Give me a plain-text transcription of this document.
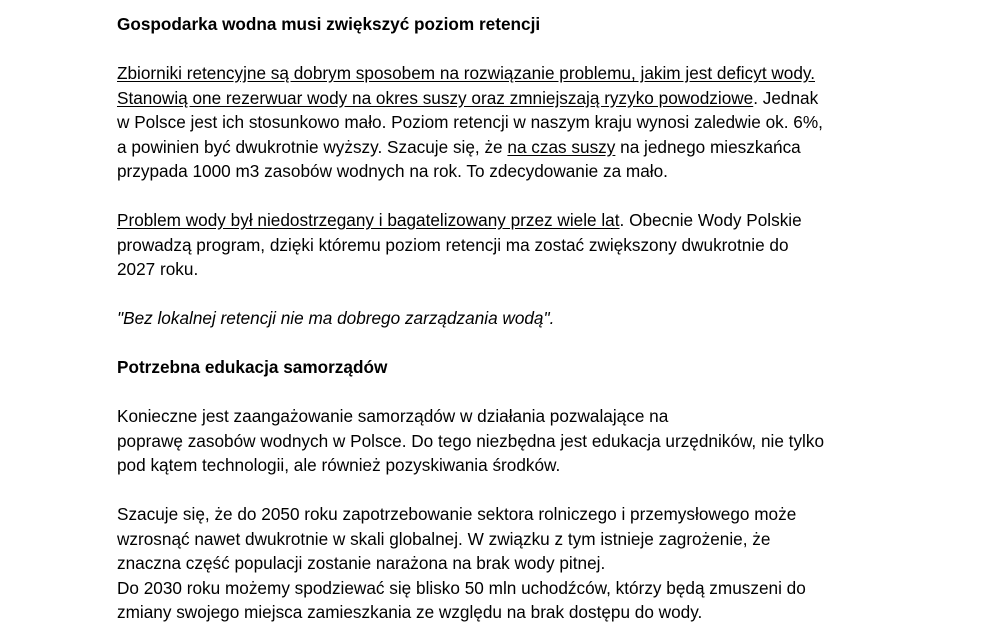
Gospodarka wodna musi zwiększyć poziom retencji
Zbiorniki retencyjne są dobrym sposobem na rozwiązanie problemu, jakim jest deficyt wody.
Stanowią one rezerwuar wody na okres suszy oraz zmniejszają ryzyko powodziowe. Jednak
w Polsce jest ich stosunkowo mało. Poziom retencji w naszym kraju wynosi zaledwie ok. 6%,
a powinien być dwukrotnie wyższy. Szacuje się, że na czas suszy na jednego mieszkańca
przypada 1000 m3 zasobów wodnych na rok. To zdecydowanie za mało.
Problem wody był niedostrzegany i bagatelizowany przez wiele lat. Obecnie Wody Polskie
prowadzą program, dzięki któremu poziom retencji ma zostać zwiększony dwukrotnie do
2027 roku.
"Bez lokalnej retencji nie ma dobrego zarządzania wodą".
Potrzebna edukacja samorządów
Konieczne jest zaangażowanie samorządów w działania pozwalające na
poprawę zasobów wodnych w Polsce. Do tego niezbędna jest edukacja urzędników, nie tylko
pod kątem technologii, ale również pozyskiwania środków.
Szacuje się, że do 2050 roku zapotrzebowanie sektora rolniczego i przemysłowego może
wzrosnąć nawet dwukrotnie w skali globalnej. W związku z tym istnieje zagrożenie, że
znaczna część populacji zostanie narażona na brak wody pitnej.
Do 2030 roku możemy spodziewać się blisko 50 mln uchodźców, którzy będą zmuszeni do
zmiany swojego miejsca zamieszkania ze względu na brak dostępu do wody.
